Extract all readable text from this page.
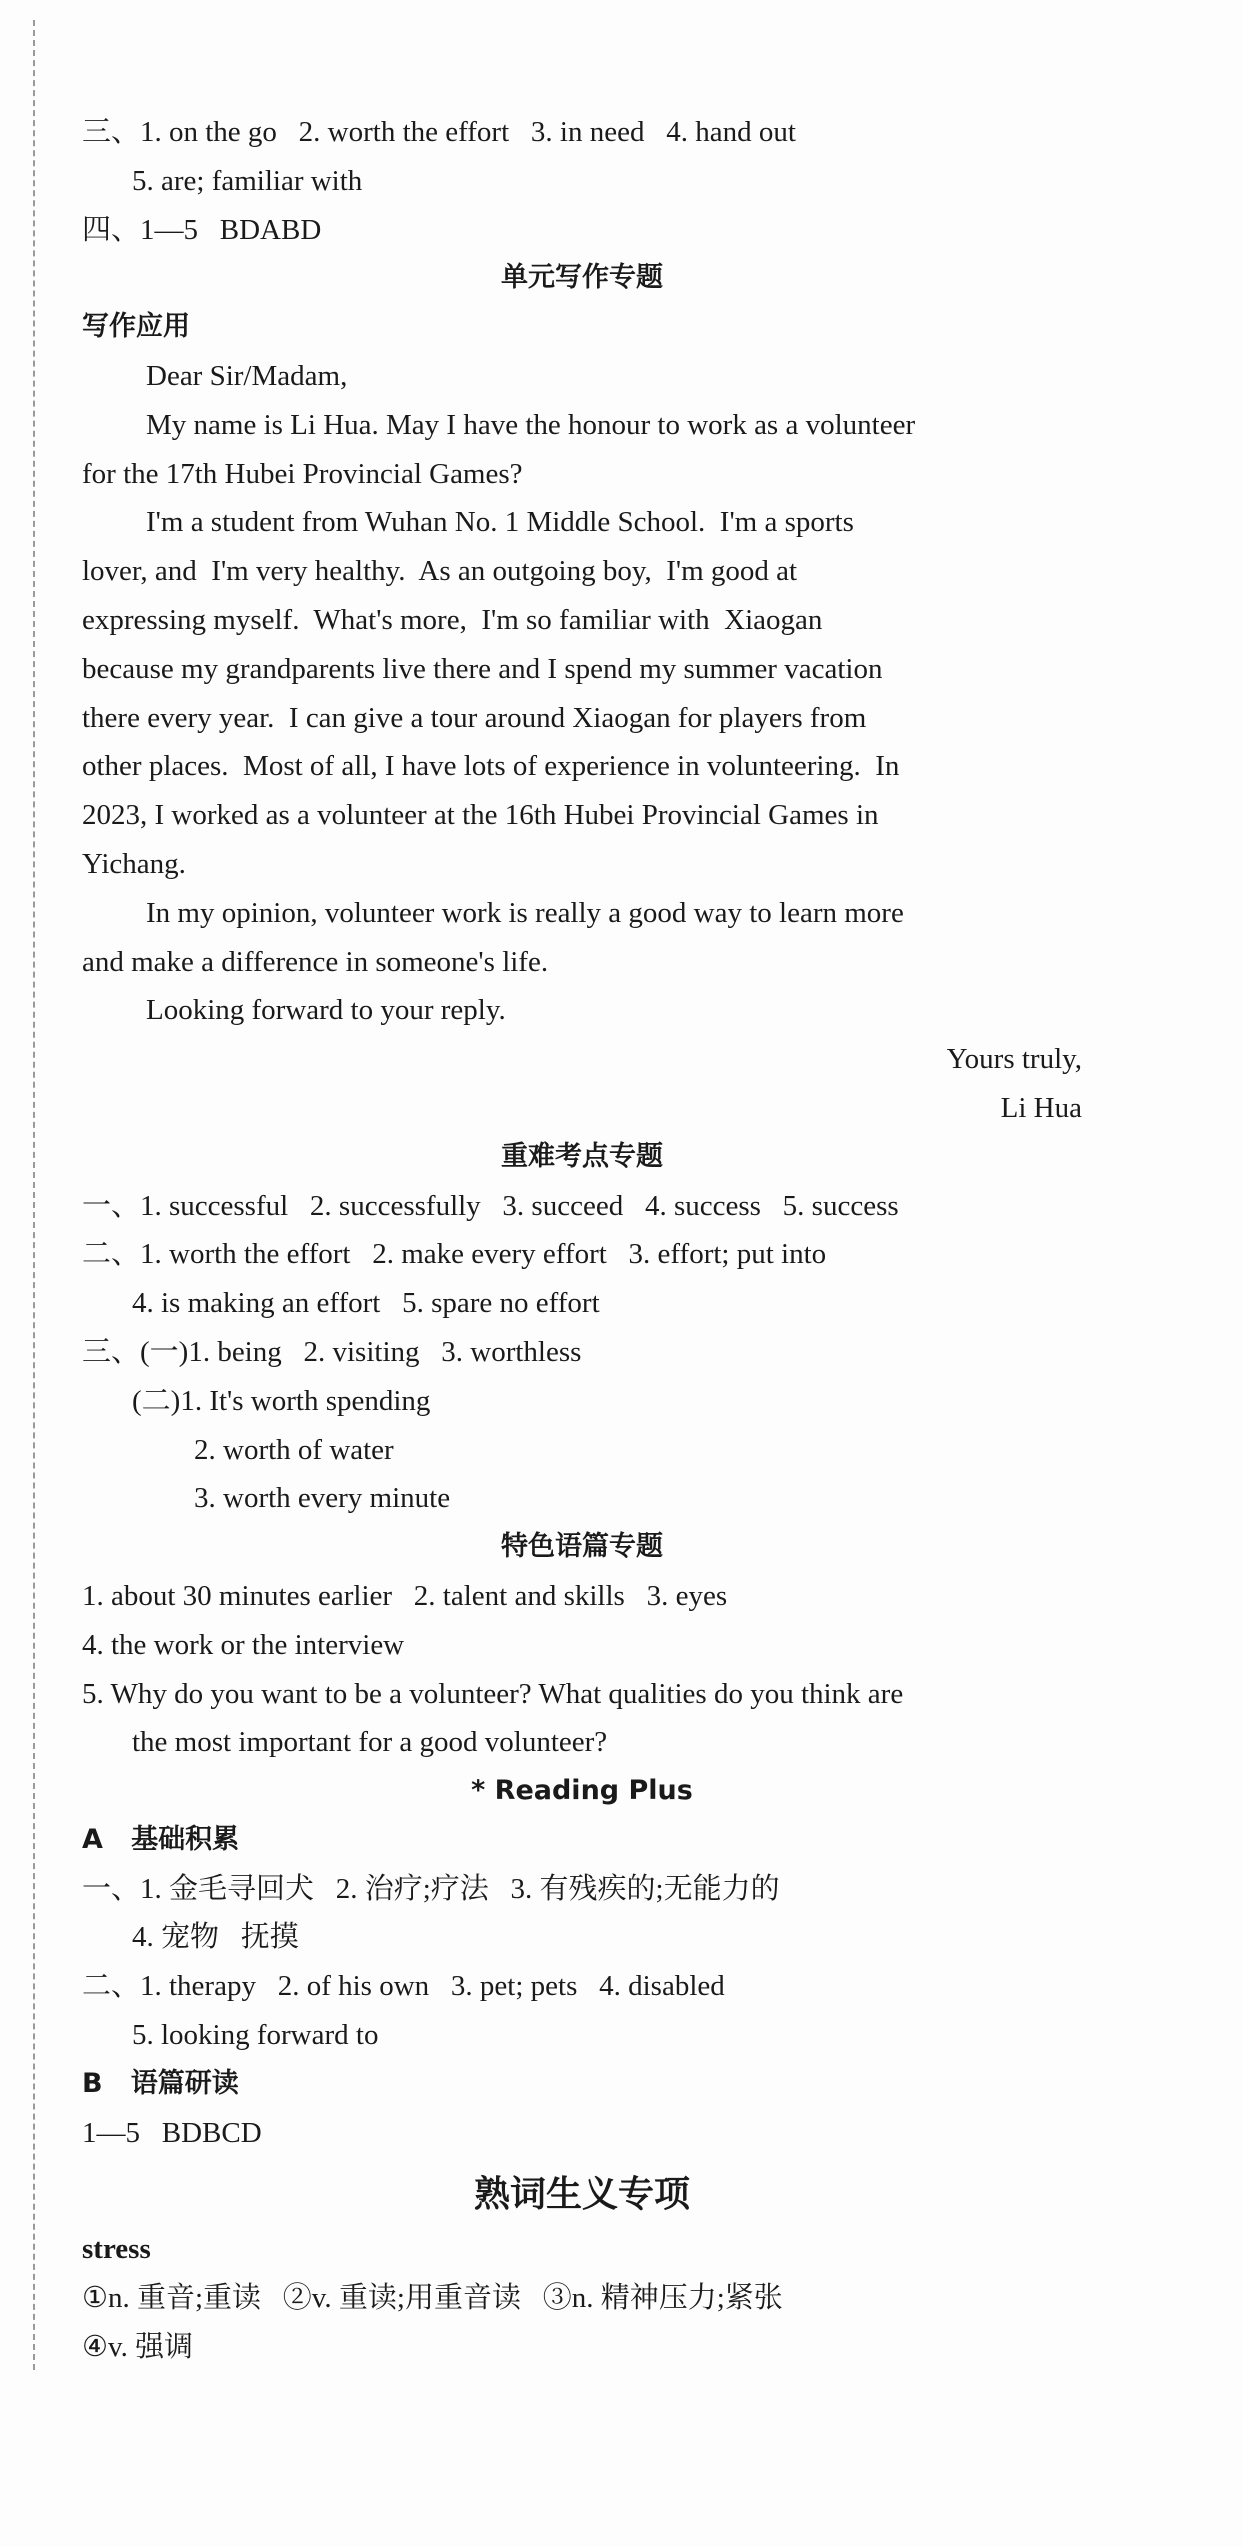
三、1. on the go   2. worth the effort   3. in need   4. hand out
5. are; familiar with
四、1—5   BDABD
单元写作专题
写作应用
Dear Sir/Madam,
My name is Li Hua. May I have the honour to work as a volunteer
for the 17th Hubei Provincial Games?
I'm a student from Wuhan No. 1 Middle School.  I'm a sports
lover, and  I'm very healthy.  As an outgoing boy,  I'm good at
expressing myself.  What's more,  I'm so familiar with  Xiaogan
because my grandparents live there and I spend my summer vacation
there every year.  I can give a tour around Xiaogan for players from
other places.  Most of all, I have lots of experience in volunteering.  In
2023, I worked as a volunteer at the 16th Hubei Provincial Games in
Yichang.
In my opinion, volunteer work is really a good way to learn more
and make a difference in someone's life.
Looking forward to your reply.
Yours truly,
Li Hua
重难考点专题
一、1. successful   2. successfully   3. succeed   4. success   5. success
二、1. worth the effort   2. make every effort   3. effort; put into
4. is making an effort   5. spare no effort
三、(一)1. being   2. visiting   3. worthless
(二)1. It's worth spending
2. worth of water
3. worth every minute
特色语篇专题
1. about 30 minutes earlier   2. talent and skills   3. eyes
4. the work or the interview
5. Why do you want to be a volunteer? What qualities do you think are
the most important for a good volunteer?
* Reading Plus
A   基础积累
一、1. 金毛寻回犬   2. 治疗;疗法   3. 有残疾的;无能力的
4. 宠物   抚摸
二、1. therapy   2. of his own   3. pet; pets   4. disabled
5. looking forward to
B   语篇研读
1—5   BDBCD
熟词生义专项
stress
①n. 重音;重读   ②v. 重读;用重音读   ③n. 精神压力;紧张
④v. 强调
